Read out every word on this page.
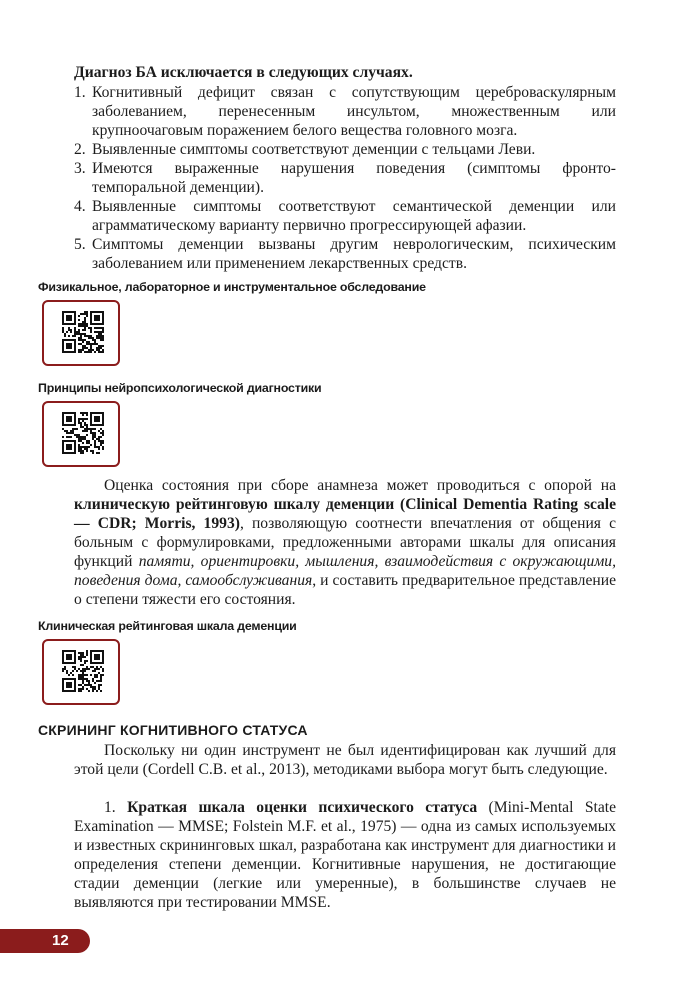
Диагноз БА исключается в следующих случаях.
1. Когнитивный дефицит связан с сопутствующим цереброваскулярным заболеванием, перенесенным инсультом, множественным или крупноочаговым поражением белого вещества головного мозга.
2. Выявленные симптомы соответствуют деменции с тельцами Леви.
3. Имеются выраженные нарушения поведения (симптомы фронто-темпоральной деменции).
4. Выявленные симптомы соответствуют семантической деменции или аграмматическому варианту первично прогрессирующей афазии.
5. Симптомы деменции вызваны другим неврологическим, психическим заболеванием или применением лекарственных средств.
Физикальное, лабораторное и инструментальное обследование
Принципы нейропсихологической диагностики

Оценка состояния при сборе анамнеза может проводиться с опорой на клиническую рейтинговую шкалу деменции (Clinical Dementia Rating scale — CDR; Morris, 1993), позволяющую соотнести впечатления от общения с больным с формулировками, предложенными авторами шкалы для описания функций памяти, ориентировки, мышления, взаимодействия с окружающими, поведения дома, самообслуживания, и составить предварительное представление о степени тяжести его состояния.

Клиническая рейтинговая шкала деменции
СКРИНИНГ КОГНИТИВНОГО СТАТУСА

Поскольку ни один инструмент не был идентифицирован как лучший для этой цели (Cordell C.B. et al., 2013), методиками выбора могут быть следующие.

1. Краткая шкала оценки психического статуса (Mini-Mental State Examination — MMSE; Folstein M.F. et al., 1975) — одна из самых используемых и известных скрининговых шкал, разработана как инструмент для диагностики и определения степени деменции. Когнитивные нарушения, не достигающие стадии деменции (легкие или умеренные), в большинстве случаев не выявляются при тестировании MMSE.

12
